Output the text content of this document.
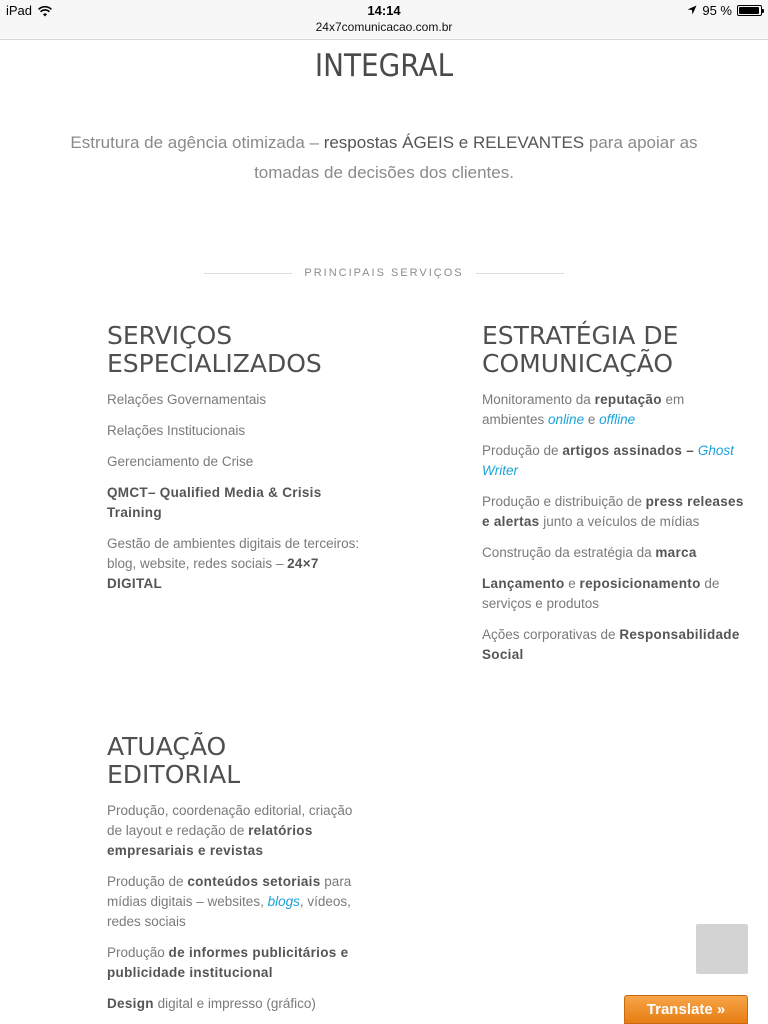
iPad	14:14	95 %
24x7comunicacao.com.br
INTEGRAL

Estrutura de agência otimizada – respostas ÁGEIS e RELEVANTES para apoiar as tomadas de decisões dos clientes.

PRINCIPAIS SERVIÇOS
SERVIÇOS
ESPECIALIZADOS

Relações Governamentais

Relações Institucionais

Gerenciamento de Crise

QMCT– Qualified Media & Crisis Training

Gestão de ambientes digitais de terceiros: blog, website, redes sociais – 24×7 DIGITAL

ESTRATÉGIA DE
COMUNICAÇÃO

Monitoramento da reputação em ambientes online e offline

Produção de artigos assinados – Ghost Writer

Produção e distribuição de press releases e alertas junto a veículos de mídias

Construção da estratégia da marca

Lançamento e reposicionamento de serviços e produtos

Ações corporativas de Responsabilidade Social

ATUAÇÃO EDITORIAL

Produção, coordenação editorial, criação de layout e redação de relatórios empresariais e revistas

Produção de conteúdos setoriais para mídias digitais – websites, blogs, vídeos, redes sociais

Produção de informes publicitários e publicidade institucional

Design digital e impresso (gráfico)	Translate »
